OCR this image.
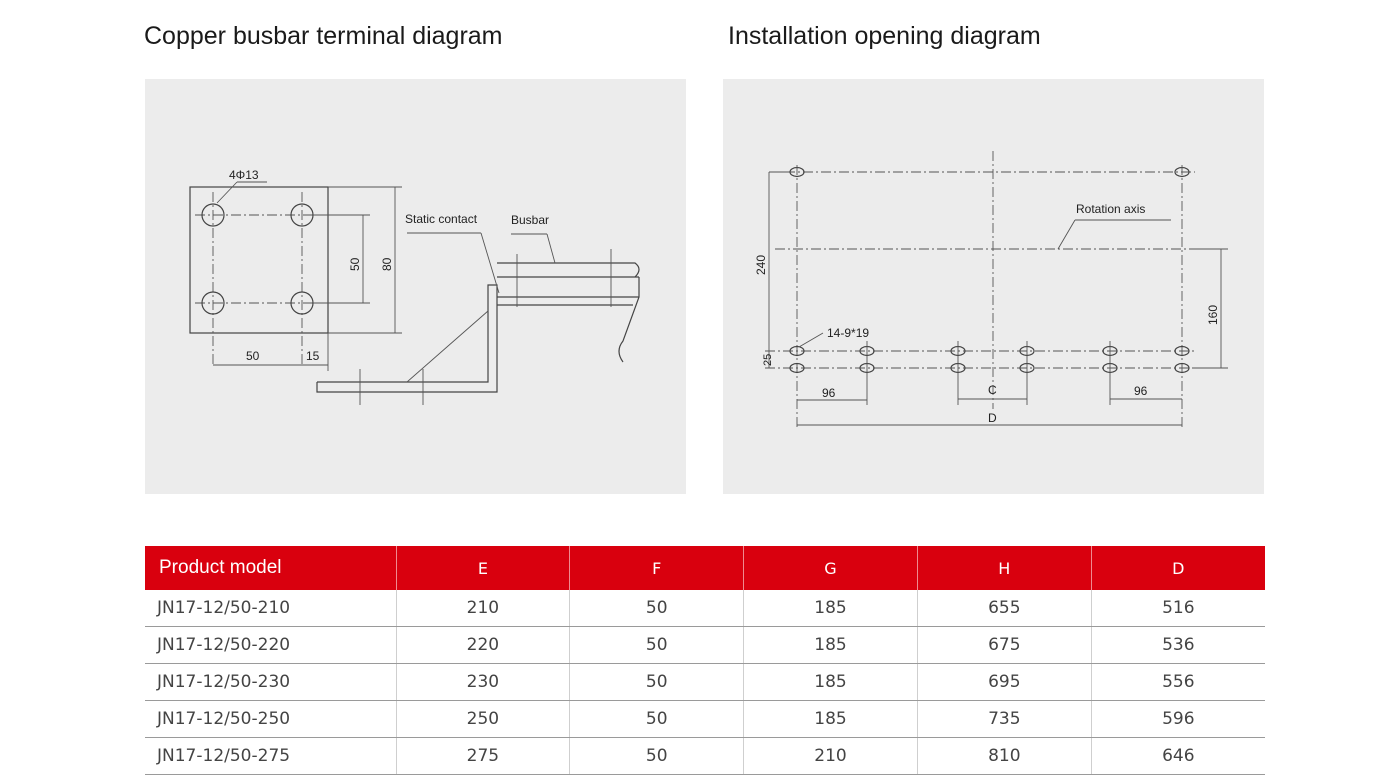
Copper busbar terminal diagram	Installation opening diagram
4Φ13
50 80
50	15
Static contact	Busbar
Rotation axis
240
160
14-9*19
25
96	C	96
D
Product model	E	F	G	H	D
JN17-12/50-210	210	50	185	655	516
JN17-12/50-220	220	50	185	675	536
JN17-12/50-230	230	50	185	695	556
JN17-12/50-250	250	50	185	735	596
JN17-12/50-275	275	50	210	810	646
